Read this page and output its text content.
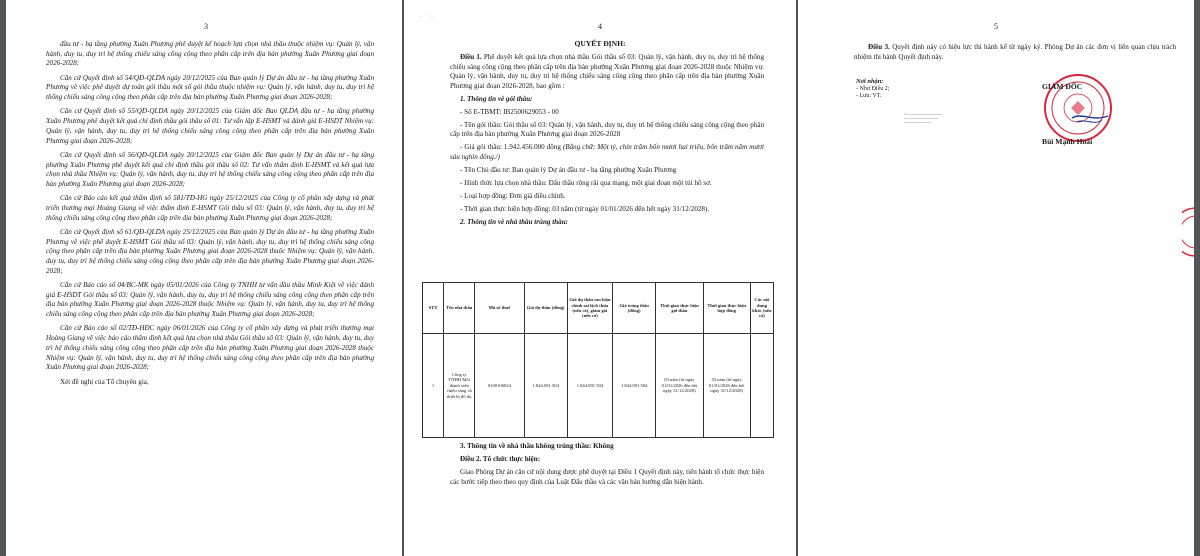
3

đầu tư - hạ tầng phường Xuân Phương phê duyệt kế hoạch lựa chọn nhà thầu thuộc nhiệm vụ: Quản lý, vận hành, duy tu, duy trì hệ thống chiếu sáng công cộng theo phân cấp trên địa bàn phường Xuân Phương giai đoạn 2026-2028;

Căn cứ Quyết định số 54/QĐ-QLDA ngày 20/12/2025 của Ban quản lý Dự án đầu tư - hạ tầng phường Xuân Phương về việc phê duyệt dự toán gói thầu một số gói thầu thuộc nhiệm vụ: Quản lý, vận hành, duy tu, duy trì hệ thống chiếu sáng công cộng theo phân cấp trên địa bàn phường Xuân Phương giai đoạn 2026-2028;

Căn cứ Quyết định số 55/QĐ-QLDA ngày 20/12/2025 của Giám đốc Ban QLDA đầu tư - hạ tầng phường Xuân Phương phê duyệt kết quả chỉ định thầu gói thầu số 01: Tư vấn lập E-HSMT và đánh giá E-HSDT Nhiệm vụ: Quản lý, vận hành, duy tu, duy trì hệ thống chiếu sáng công cộng theo phân cấp trên địa bàn phường Xuân Phương giai đoạn 2026-2028;

Căn cứ Quyết định số 56/QĐ-QLDA ngày 20/12/2025 của Giám đốc Ban quản lý Dự án đầu tư - hạ tầng phường Xuân Phương phê duyệt kết quả chỉ định thầu gói thầu số 02: Tư vấn thẩm định E-HSMT và kết quả lựa chọn nhà thầu Nhiệm vụ: Quản lý, vận hành, duy tu, duy trì hệ thống chiếu sáng công cộng theo phân cấp trên địa bàn phường Xuân Phương giai đoạn 2026-2028;

Căn cứ Báo cáo kết quả thẩm định số 581/TĐ-HG ngày 25/12/2025 của Công ty cổ phần xây dựng và phát triển thương mại Hoàng Giang về việc thẩm định E-HSMT Gói thầu số 03: Quản lý, vận hành, duy tu, duy trì hệ thống chiếu sáng công cộng theo phân cấp trên địa bàn phường Xuân Phương giai đoạn 2026-2028;

Căn cứ Quyết định số 61/QĐ-QLDA ngày 25/12/2025 của Ban quản lý Dự án đầu tư - hạ tầng phường Xuân Phương về việc phê duyệt E-HSMT Gói thầu số 03: Quản lý, vận hành, duy tu, duy trì hệ thống chiếu sáng công cộng theo phân cấp trên địa bàn phường Xuân Phương giai đoạn 2026-2028 thuộc Nhiệm vụ: Quản lý, vận hành, duy tu, duy trì hệ thống chiếu sáng công cộng theo phân cấp trên địa bàn phường Xuân Phương giai đoạn 2026-2028;

Căn cứ Báo cáo số 04/BC-MK ngày 05/01/2026 của Công ty TNHH tư vấn đầu thầu Minh Kiệt về việc đánh giá E-HSDT Gói thầu số 03: Quản lý, vận hành, duy tu, duy trì hệ thống chiếu sáng công cộng theo phân cấp trên địa bàn phường Xuân Phương giai đoạn 2026-2028 thuộc Nhiệm vụ: Quản lý, vận hành, duy tu, duy trì hệ thống chiếu sáng công cộng theo phân cấp trên địa bàn phường Xuân Phương giai đoạn 2026-2028;

Căn cứ Báo cáo số 02/TĐ-HĐC ngày 06/01/2026 của Công ty cổ phần xây dựng và phát triển thương mại Hoàng Giang về việc báo cáo thẩm định kết quả lựa chọn nhà thầu Gói thầu số 03: Quản lý, vận hành, duy tu, duy trì hệ thống chiếu sáng công cộng theo phân cấp trên địa bàn phường Xuân Phương giai đoạn 2026-2028 thuộc Nhiệm vụ: Quản lý, vận hành, duy tu, duy trì hệ thống chiếu sáng công cộng theo phân cấp trên địa bàn phường Xuân Phương giai đoạn 2026-2028;

Xét đề nghị của Tổ chuyên gia,

· ˙ ·
4
QUYẾT ĐỊNH:

Điều 1. Phê duyệt kết quả lựa chọn nhà thầu Gói thầu số 03: Quản lý, vận hành, duy tu, duy trì hệ thống chiếu sáng công cộng theo phân cấp trên địa bàn phường Xuân Phương giai đoạn 2026-2028 thuộc Nhiệm vụ: Quản lý, vận hành, duy tu, duy trì hệ thống chiếu sáng công cộng theo phân cấp trên địa bàn phường Xuân Phương giai đoạn 2026-2028, bao gồm :

1. Thông tin về gói thầu:

- Số E-TBMT: IB2500629053 - 00

- Tên gói thầu: Gói thầu số 03: Quản lý, vận hành, duy tu, duy trì hệ thống chiếu sáng công cộng theo phân cấp trên địa bàn phường Xuân Phương giai đoạn 2026-2028

- Giá gói thầu: 1.942.456.000 đồng (Bằng chữ: Một tỷ, chín trăm bốn mươi hai triệu, bốn trăm năm mươi sáu nghìn đồng./)

- Tên Chủ đầu tư: Ban quản lý Dự án đầu tư - hạ tầng phường Xuân Phương

- Hình thức lựa chọn nhà thầu: Đấu thầu rộng rãi qua mạng, một giai đoạn một túi hồ sơ.

- Loại hợp đồng: Đơn giá điều chỉnh.

- Thời gian thực hiện hợp đồng: 03 năm (từ ngày 01/01/2026 đến hết ngày 31/12/2028).

2. Thông tin về nhà thầu trúng thầu:

STT	Tên nhà thầu	Mã số thuế	Giá dự thầu (đồng)	Giá dự thầu sau hiệu chỉnh sai lệch thừa (nếu có), giảm giá (nếu có)	Giá trúng thầu (đồng)	Thời gian thực hiện gói thầu	Thời gian thực hiện hợp đồng	Các nội dung khác (nếu có)
1	Công ty TNHH Một thành viên chiếu sáng và thiết bị đô thị	0100106024	1.844.091.504	1.844.091.504	1.844.091.504	03 năm (từ ngày 01/01/2026 đến hết ngày 31/12/2028)	03 năm (từ ngày 01/01/2026 đến hết ngày 31/12/2028)	

3. Thông tin về nhà thầu không trúng thầu: Không

Điều 2. Tổ chức thực hiện:

Giao Phòng Dự án căn cứ nội dung được phê duyệt tại Điều 1 Quyết định này, tiến hành tổ chức thực hiện các bước tiếp theo theo quy định của Luật Đấu thầu và các văn bản hướng dẫn hiện hành.

5
Điều 3. Quyết định này có hiệu lực thi hành kể từ ngày ký. Phòng Dự án các đơn vị liên quan chịu trách nhiệm thi hành Quyết định này.
Nơi nhận:
- Như Điều 2;
- Lưu: VT.
▭ ───────────────
───────────────
────────────
GIÁM ĐỐC
Bùi Mạnh Hoài
